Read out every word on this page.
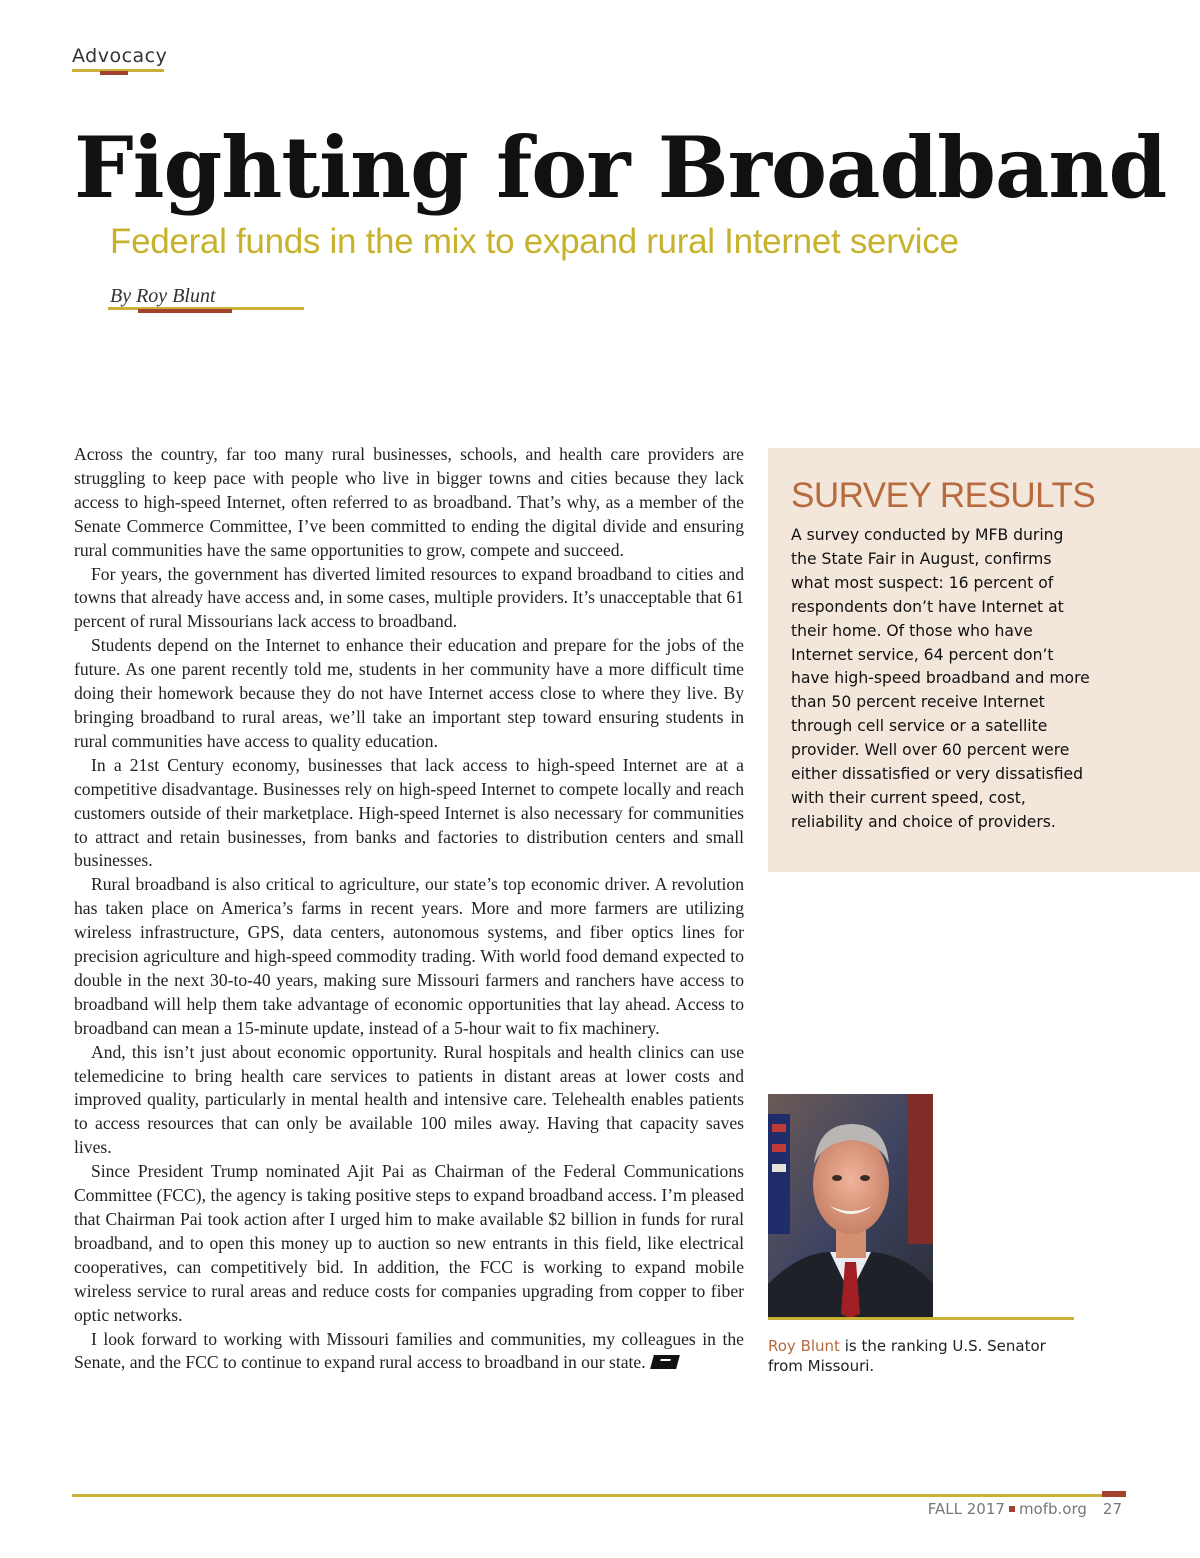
Advocacy
Fighting for Broadband
Federal funds in the mix to expand rural Internet service
By Roy Blunt

Across the country, far too many rural businesses, schools, and health care providers are struggling to keep pace with people who live in bigger towns and cities because they lack access to high-speed Internet, often referred to as broadband. That’s why, as a member of the Senate Commerce Committee, I’ve been committed to ending the digital divide and ensuring rural communities have the same opportunities to grow, compete and succeed.

For years, the government has diverted limited resources to expand broadband to cities and towns that already have access and, in some cases, multiple providers. It’s unacceptable that 61 percent of rural Missourians lack access to broadband.

Students depend on the Internet to enhance their education and prepare for the jobs of the future. As one parent recently told me, students in her community have a more difficult time doing their homework because they do not have Internet access close to where they live. By bringing broadband to rural areas, we’ll take an important step toward ensuring students in rural communities have access to quality education.

In a 21st Century economy, businesses that lack access to high-speed Internet are at a competitive disadvantage. Businesses rely on high-speed Internet to compete locally and reach customers outside of their marketplace. High-speed Internet is also necessary for communities to attract and retain businesses, from banks and factories to distribution centers and small businesses.

Rural broadband is also critical to agriculture, our state’s top economic driver. A revolution has taken place on America’s farms in recent years. More and more farmers are utilizing wireless infrastructure, GPS, data centers, autonomous systems, and fiber optics lines for precision agriculture and high-speed commodity trading. With world food demand expected to double in the next 30-to-40 years, making sure Missouri farmers and ranchers have access to broadband will help them take advantage of economic opportunities that lay ahead. Access to broadband can mean a 15-minute update, instead of a 5-hour wait to fix machinery.

And, this isn’t just about economic opportunity. Rural hospitals and health clinics can use telemedicine to bring health care services to patients in distant areas at lower costs and improved quality, particularly in mental health and intensive care. Telehealth enables patients to access resources that can only be available 100 miles away. Having that capacity saves lives.

Since President Trump nominated Ajit Pai as Chairman of the Federal Communications Committee (FCC), the agency is taking positive steps to expand broadband access. I’m pleased that Chairman Pai took action after I urged him to make available $2 billion in funds for rural broadband, and to open this money up to auction so new entrants in this field, like electrical cooperatives, can competitively bid. In addition, the FCC is working to expand mobile wireless service to rural areas and reduce costs for companies upgrading from copper to fiber optic networks.

I look forward to working with Missouri families and communities, my colleagues in the Senate, and the FCC to continue to expand rural access to broadband in our state.

SURVEY RESULTS
A survey conducted by MFB during the State Fair in August, confirms what most suspect: 16 percent of respondents don’t have Internet at their home. Of those who have Internet service, 64 percent don’t have high-speed broadband and more than 50 percent receive Internet through cell service or a satellite provider. Well over 60 percent were either dissatisfied or very dissatisfied with their current speed, cost, reliability and choice of providers.
Roy Blunt is the ranking U.S. Senator from Missouri.
FALL 2017 mofb.org 27
